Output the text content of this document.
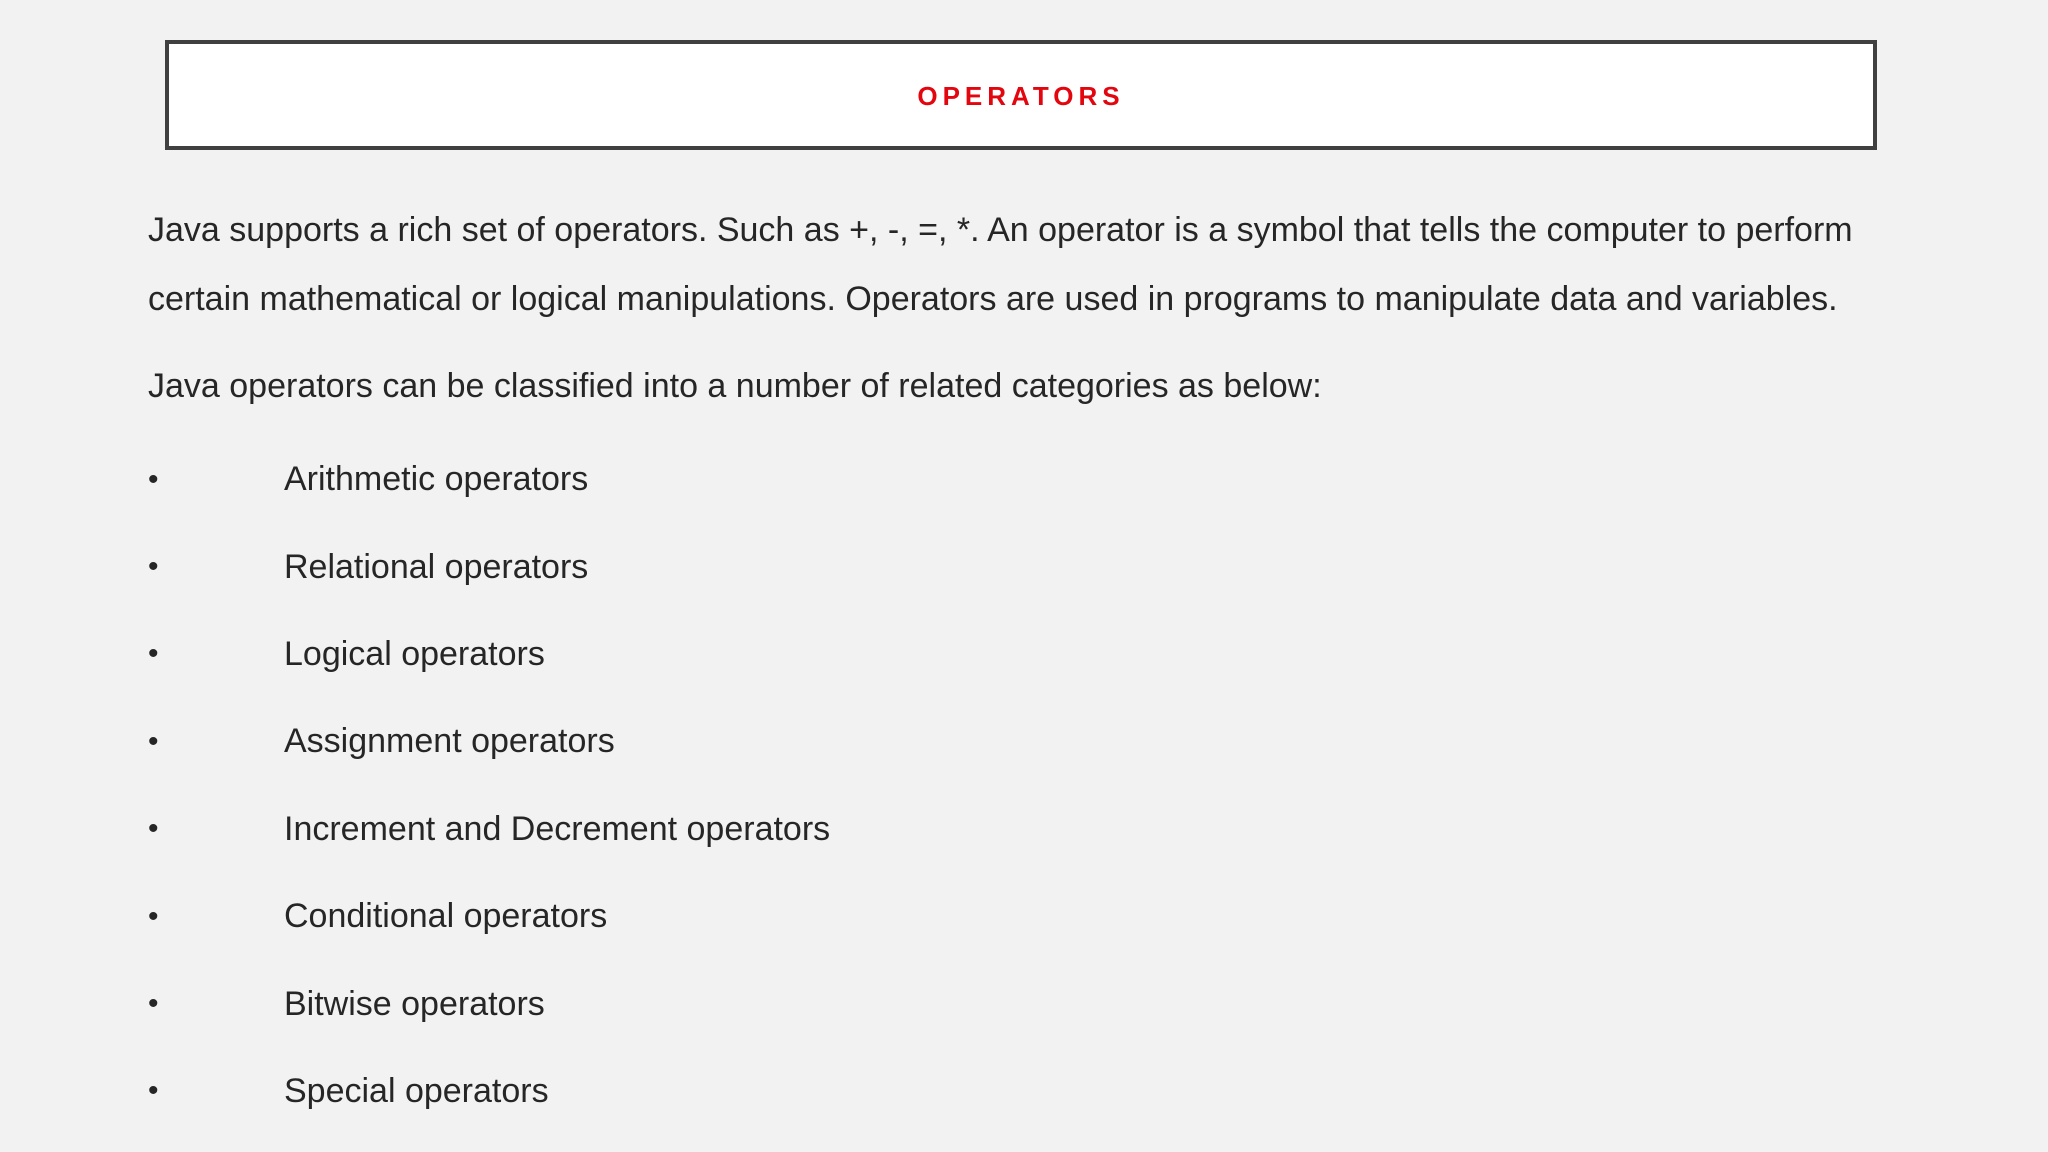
OPERATORS

Java supports a rich set of operators. Such as +, -, =, *. An operator is a symbol that tells the computer to perform certain mathematical or logical manipulations. Operators are used in programs to manipulate data and variables.

Java operators can be classified into a number of related categories as below:

•	Arithmetic operators
•	Relational operators
•	Logical operators
•	Assignment operators
•	Increment and Decrement operators
•	Conditional operators
•	Bitwise operators
•	Special operators
